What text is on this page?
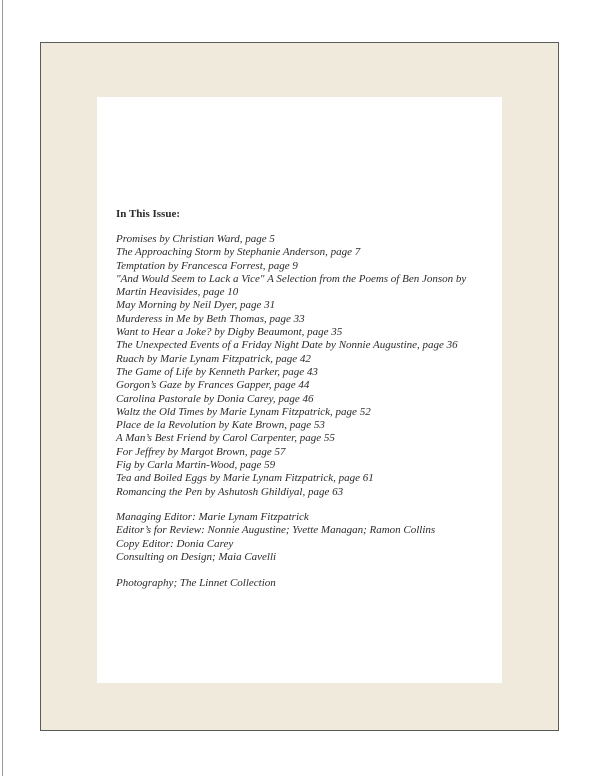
In This Issue:
Promises by Christian Ward, page 5
The Approaching Storm by Stephanie Anderson, page 7
Temptation by Francesca Forrest, page 9
"And Would Seem to Lack a Vice" A Selection from the Poems of Ben Jonson by
Martin Heavisides, page 10
May Morning by Neil Dyer, page 31
Murderess in Me by Beth Thomas, page 33
Want to Hear a Joke? by Digby Beaumont, page 35
The Unexpected Events of a Friday Night Date by Nonnie Augustine, page 36
Ruach by Marie Lynam Fitzpatrick, page 42
The Game of Life by Kenneth Parker, page 43
Gorgon’s Gaze by Frances Gapper, page 44
Carolina Pastorale by Donia Carey, page 46
Waltz the Old Times by Marie Lynam Fitzpatrick, page 52
Place de la Revolution by Kate Brown, page 53
A Man’s Best Friend by Carol Carpenter, page 55
For Jeffrey by Margot Brown, page 57
Fig by Carla Martin-Wood, page 59
Tea and Boiled Eggs by Marie Lynam Fitzpatrick, page 61
Romancing the Pen by Ashutosh Ghildiyal, page 63
Managing Editor: Marie Lynam Fitzpatrick
Editor’s for Review: Nonnie Augustine; Yvette Managan; Ramon Collins
Copy Editor: Donia Carey
Consulting on Design; Maia Cavelli
Photography; The Linnet Collection
